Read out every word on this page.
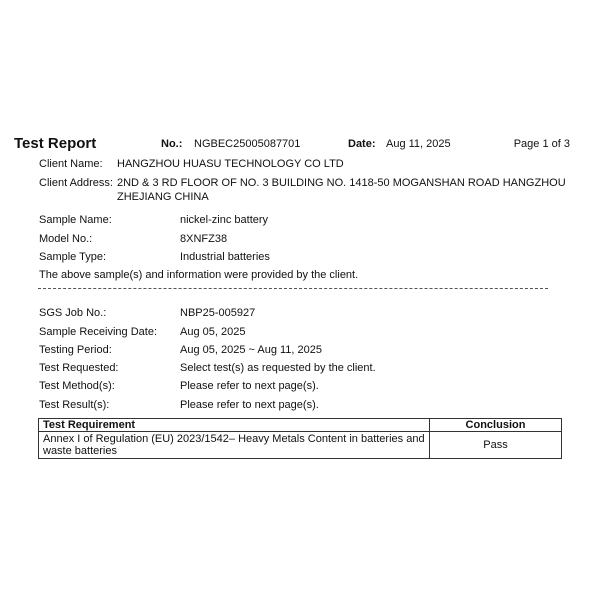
Test Report	No.: NGBEC25005087701	Date: Aug 11, 2025	Page 1 of 3
Client Name: HANGZHOU HUASU TECHNOLOGY CO LTD
Client Address: 2ND & 3 RD FLOOR OF NO. 3 BUILDING NO. 1418-50 MOGANSHAN ROAD HANGZHOU
ZHEJIANG CHINA
Sample Name:	nickel-zinc battery
Model No.:	8XNFZ38
Sample Type:	Industrial batteries
The above sample(s) and information were provided by the client.
SGS Job No.:	NBP25-005927
Sample Receiving Date: Aug 05, 2025
Testing Period:	Aug 05, 2025 ~ Aug 11, 2025
Test Requested:	Select test(s) as requested by the client.
Test Method(s):	Please refer to next page(s).
Test Result(s):	Please refer to next page(s).
Test Requirement	Conclusion

Annex I of Regulation (EU) 2023/1542– Heavy Metals Content in batteries and
waste batteries	Pass
